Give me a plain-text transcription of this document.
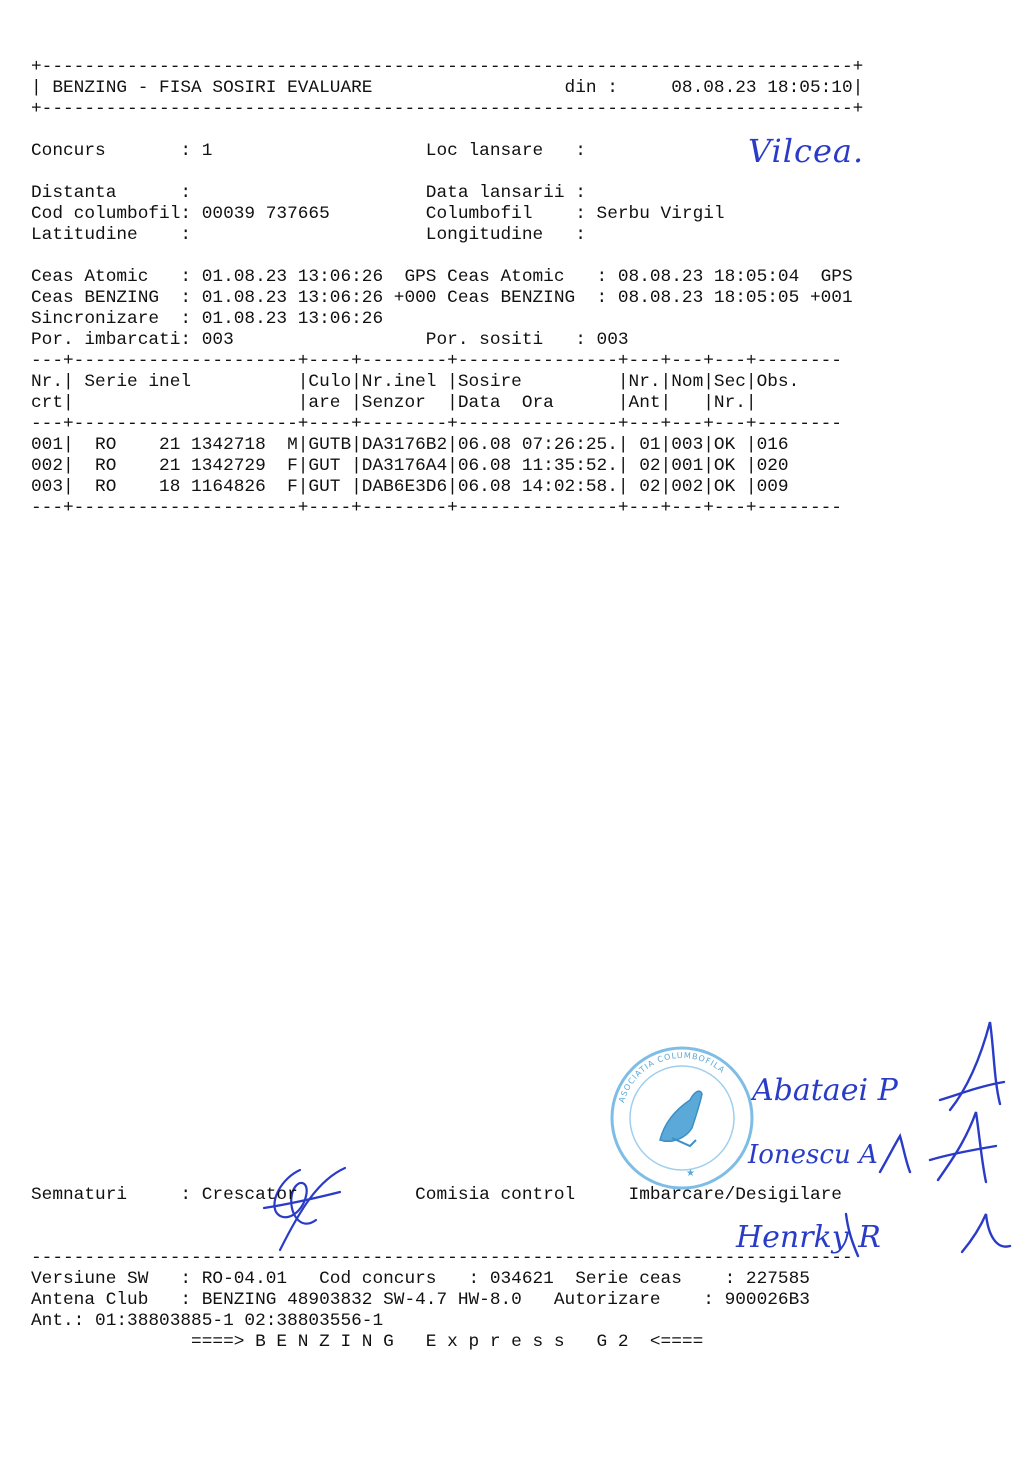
+----------------------------------------------------------------------------+
| BENZING - FISA SOSIRI EVALUARE                  din :     08.08.23 18:05:10|
+----------------------------------------------------------------------------+

Concurs       : 1                    Loc lansare   :

Distanta      :                      Data lansarii :
Cod columbofil: 00039 737665         Columbofil    : Serbu Virgil
Latitudine    :                      Longitudine   :

Ceas Atomic   : 01.08.23 13:06:26  GPS Ceas Atomic   : 08.08.23 18:05:04  GPS
Ceas BENZING  : 01.08.23 13:06:26 +000 Ceas BENZING  : 08.08.23 18:05:05 +001
Sincronizare  : 01.08.23 13:06:26
Por. imbarcati: 003                  Por. sositi   : 003
---+---------------------+----+--------+---------------+---+---+---+--------
Nr.| Serie inel          |Culo|Nr.inel |Sosire         |Nr.|Nom|Sec|Obs.
crt|                     |are |Senzor  |Data  Ora      |Ant|   |Nr.|
---+---------------------+----+--------+---------------+---+---+---+--------
001|  RO    21 1342718  M|GUTB|DA3176B2|06.08 07:26:25.| 01|003|OK |016
002|  RO    21 1342729  F|GUT |DA3176A4|06.08 11:35:52.| 02|001|OK |020
003|  RO    18 1164826  F|GUT |DAB6E3D6|06.08 14:02:58.| 02|002|OK |009
---+---------------------+----+--------+---------------+---+---+---+--------
Vilcea.
Abataei P
Ionescu A
Henrky R
ASOCIATIA COLUMBOFILA
★
Semnaturi     : Crescator           Comisia control     Imbarcare/Desigilare
-----------------------------------------------------------------------------
Versiune SW   : RO-04.01   Cod concurs   : 034621  Serie ceas    : 227585
Antena Club   : BENZING 48903832 SW-4.7 HW-8.0   Autorizare    : 900026B3
Ant.: 01:38803885-1 02:38803556-1
====> B E N Z I N G   E x p r e s s   G 2  <====
